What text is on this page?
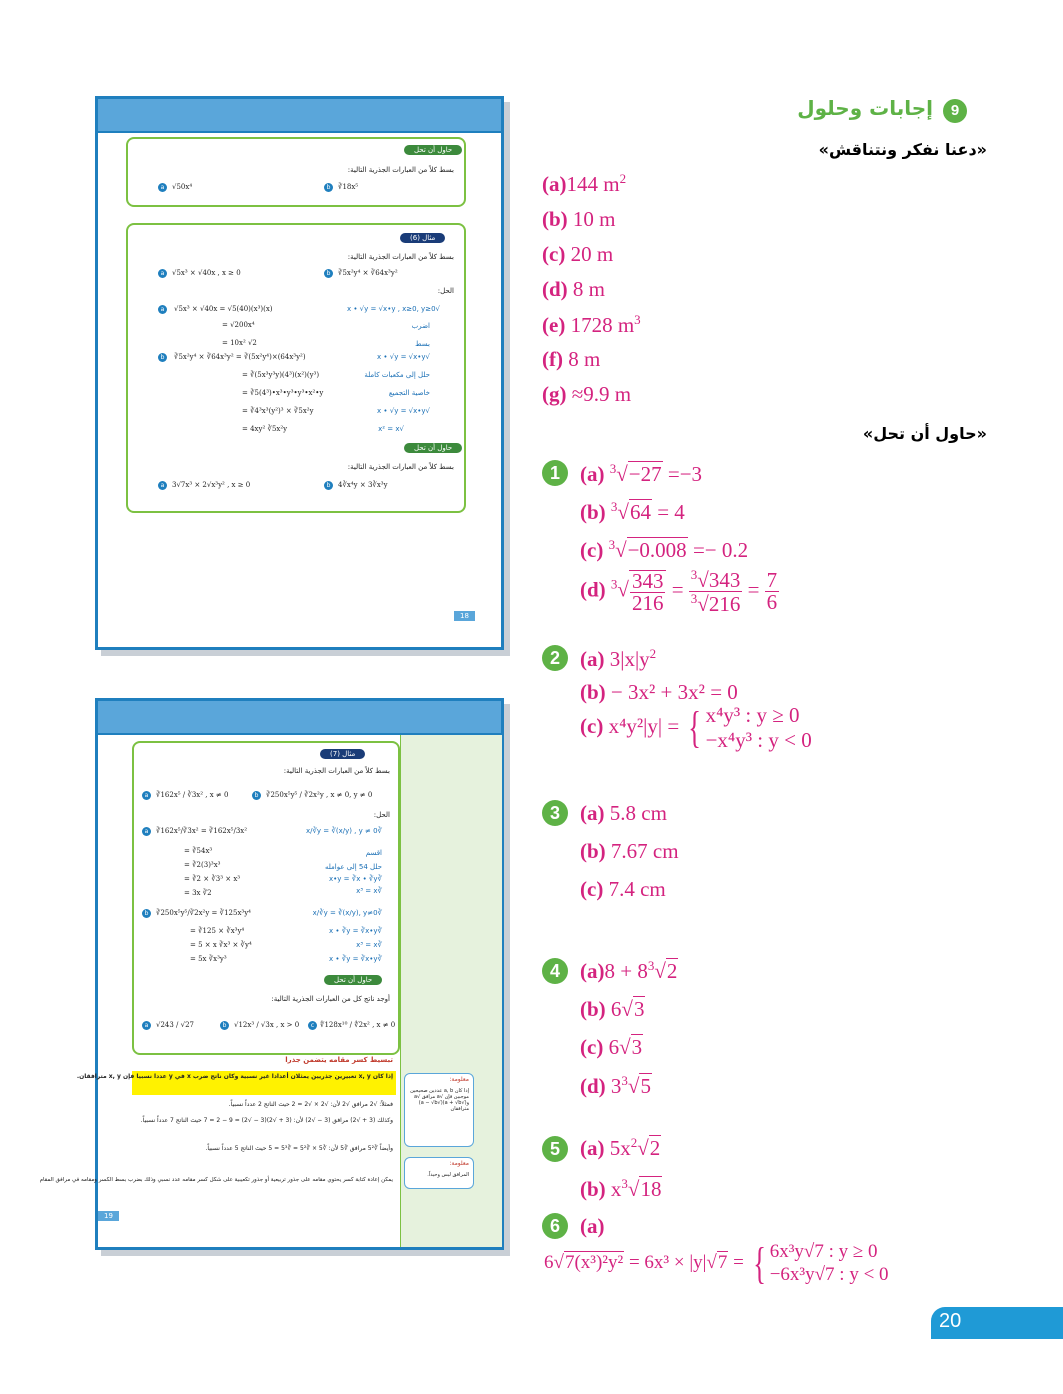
حاول أن تحل
بسط كلاً من العبارات الجذرية التالية:
a	√50x⁴	b	∛18x⁵
مثال (6)
بسط كلاً من العبارات الجذرية التالية:
a	√5x³ × √40x , x ≥ 0	b	∛5x²y⁴ × ∛64x³y²
الحل:
a	√5x³ × √40x = √5(40)(x³)(x)
= √200x⁴
= 10x² √2
b	∛5x²y⁴ × ∛64x³y² = ∛(5x²y⁴)×(64x³y²)
= ∛(5x³y³y)(4³)(x²)(y³)
= ∛5(4³)•x³•y³•y³•x²•y
= ∛4³x³(y²)³ × ∛5x²y
= 4xy² ∛5x²y
√x • √y = √x•y , x≥0, y≥0
اضرب
بسط
√x • √y = √x•y
حلل إلى مكعبات كاملة
خاصية التجميع
√x • √y = √x•y
√x² = x
حاول أن تحل
بسط كلاً من العبارات الجذرية التالية:
a	3√7x³ × 2√x³y² , x ≥ 0	b	4∛x⁴y × 3∛x³y
18
مثال (7)
بسط كلاً من العبارات الجذرية التالية:
a	∛162x⁵ / ∛3x² , x ≠ 0	b	∛250x⁵y⁵ / ∛2x²y , x ≠ 0, y ≠ 0
الحل:
a	∛162x⁵/∛3x² = ∛162x⁵/3x²
= ∛54x³
= ∛2(3)³x³
= ∛2 × ∛3³ × x³
= 3x ∛2
b	∛250x⁵y⁵/∛2x²y = ∛125x³y⁴
= ∛125 × ∛x³y⁴
= 5 × x ∛x³ × ∛y⁴
= 5x ∛x³y³
∛x/∛y = ∛(x/y) , y ≠ 0
اقسم
حلل 54 إلى عوامله
∛x•y = ∛x • ∛y
∛x³ = x
∛x/∛y = ∛(x/y), y≠0
∛x • ∛y = ∛x•y
∛x³ = x
∛x • ∛y = ∛x•y
حاول أن تحل
أوجد ناتج كل من العبارات الجذرية التالية:
a	√243 / √27	b	√12x³ / √3x , x > 0	c ∜128x¹⁰ / ∜2x² , x ≠ 0
تبسيط كسر مقامه يتضمن جذرا
إذا كان x, y تعبيرين جذريين يمثلان أعدادا غير نسبية وكان ناتج ضرب x في y عددا نسبيا فإن x, y مترافقان.
فمثلاً: √2 مرافق √2 لأن: √2 × √2 = 2 حيث الناتج 2 عدداً نسبياً.
وكذلك (3 + √2) مرافق (3 − √2) لأن: (3 + √2)(3 − √2) = 9 − 2 = 7 حيث الناتج 7 عدداً نسبياً.
وأيضاً ∛5² مرافق ∛5 لأن: ∛5 × ∛5² = ∛5³ = 5 حيث الناتج 5 عدداً نسبياً.
يمكن إعادة كتابة كسر يحتوي مقامه على جذور تربيعية أو جذور تكعيبية على شكل كسر مقامه عدد نسبي وذلك بضرب بسط الكسر ومقامه في مرافق المقام
معلومة:
إذا كان a, b عددين صحيحين موجبين فإن √a مرافق √a و(√a + √b)(√a − √b) مترافقان
معلومة:
المرافق ليس وحيداً.
19
إجابات وحلول 9
«دعنا نفكر ونتناقش»
(a)144 $m^2$
(b) 10 m
(c) 20 m
(d) 8 m
(e) 1728 $m^3$
(f) 8 m
(g) ≈9.9 m
«حاول أن تحل»
1 (a) $^3$√−27 =−3
(b) $^3$√64 = 4
(c) $^3$√−0.008 =− 0.2
(d) $^3√ \frac{343}{216} = \frac{^3√343}{^3√216} = \frac{7}{6}$
2 (a) $3|x|y^2$
(b) − 3x² + 3x² = 0
(c) x⁴y²|y| = { x⁴y³ : y ≥ 0
−x⁴y³ : y < 0
3 (a) 5.8 cm
(b) 7.67 cm
(c) 7.4 cm
4 $(a)8 + 8^3√2$
(b) 6√3
(c) 6√3
(d) $3^3√5$
5 (a) $5x^2√2$
(b) $x^3√18$
6 (a)
6√7(x³)²y² = 6x³ × |y|√7 = { 6x³y√7 : y ≥ 0
−6x³y√7 : y < 0
20
